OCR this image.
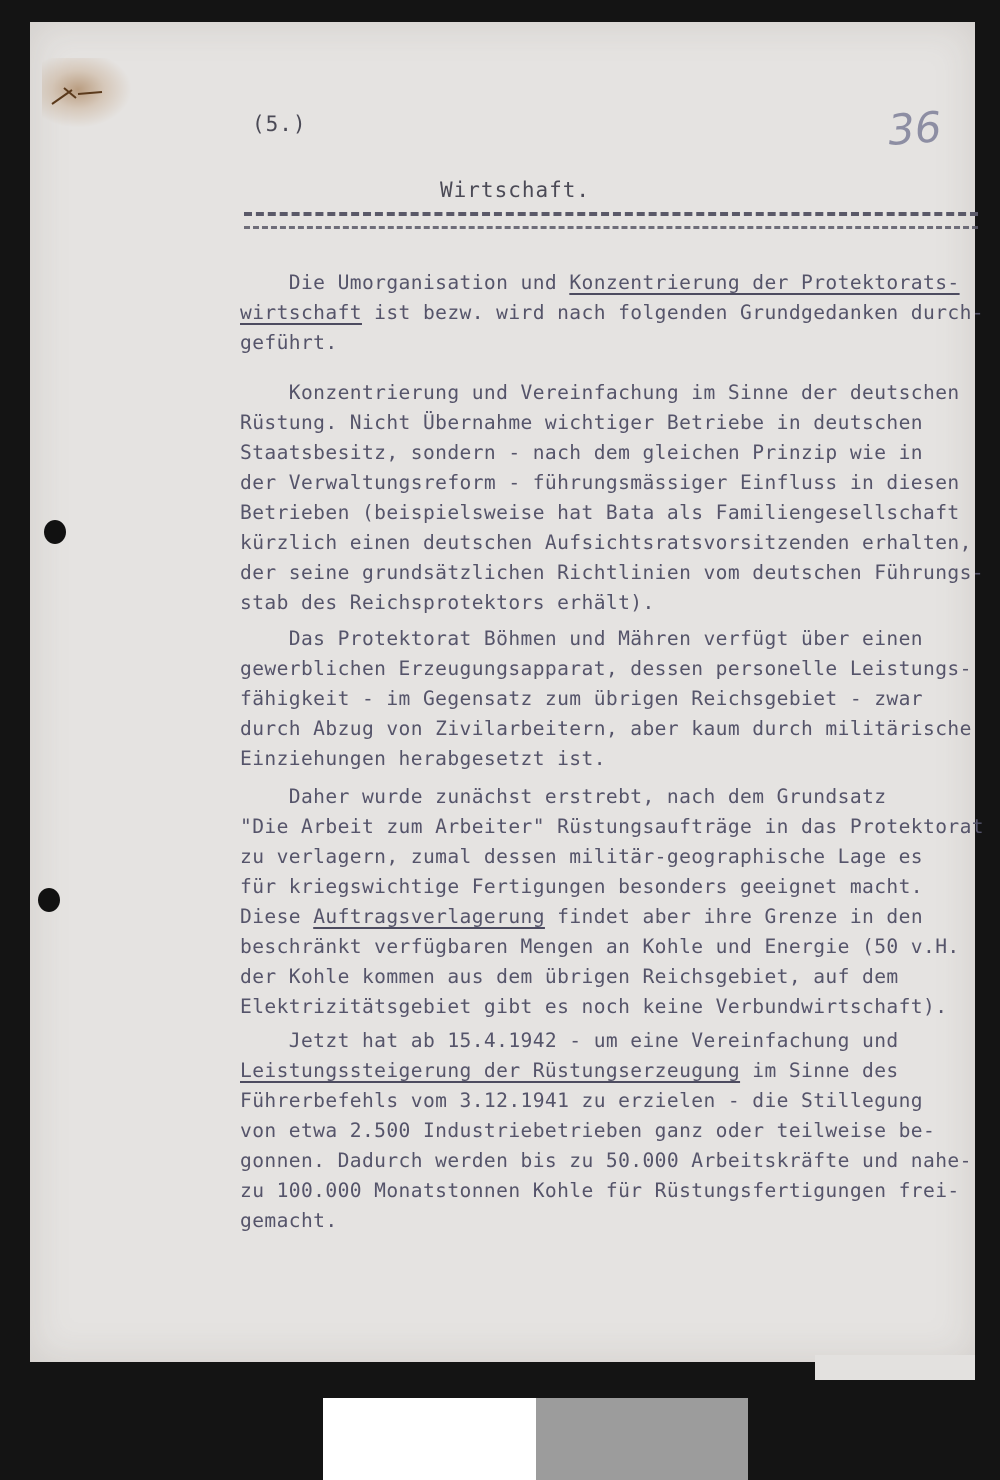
(5.)	36
Wirtschaft.
Die Umorganisation und Konzentrierung der Protektorats-
wirtschaft ist bezw. wird nach folgenden Grundgedanken durch-
geführt.
Konzentrierung und Vereinfachung im Sinne der deutschen
Rüstung. Nicht Übernahme wichtiger Betriebe in deutschen
Staatsbesitz, sondern - nach dem gleichen Prinzip wie in
der Verwaltungsreform - führungsmässiger Einfluss in diesen
Betrieben (beispielsweise hat Bata als Familiengesellschaft
kürzlich einen deutschen Aufsichtsratsvorsitzenden erhalten,
der seine grundsätzlichen Richtlinien vom deutschen Führungs-
stab des Reichsprotektors erhält).
Das Protektorat Böhmen und Mähren verfügt über einen
gewerblichen Erzeugungsapparat, dessen personelle Leistungs-
fähigkeit - im Gegensatz zum übrigen Reichsgebiet - zwar
durch Abzug von Zivilarbeitern, aber kaum durch militärische
Einziehungen herabgesetzt ist.
Daher wurde zunächst erstrebt, nach dem Grundsatz
"Die Arbeit zum Arbeiter" Rüstungsaufträge in das Protektorat
zu verlagern, zumal dessen militär-geographische Lage es
für kriegswichtige Fertigungen besonders geeignet macht.
Diese Auftragsverlagerung findet aber ihre Grenze in den
beschränkt verfügbaren Mengen an Kohle und Energie (50 v.H.
der Kohle kommen aus dem übrigen Reichsgebiet, auf dem
Elektrizitätsgebiet gibt es noch keine Verbundwirtschaft).
Jetzt hat ab 15.4.1942 - um eine Vereinfachung und
Leistungssteigerung der Rüstungserzeugung im Sinne des
Führerbefehls vom 3.12.1941 zu erzielen - die Stillegung
von etwa 2.500 Industriebetrieben ganz oder teilweise be-
gonnen. Dadurch werden bis zu 50.000 Arbeitskräfte und nahe-
zu 100.000 Monatstonnen Kohle für Rüstungsfertigungen frei-
gemacht.
